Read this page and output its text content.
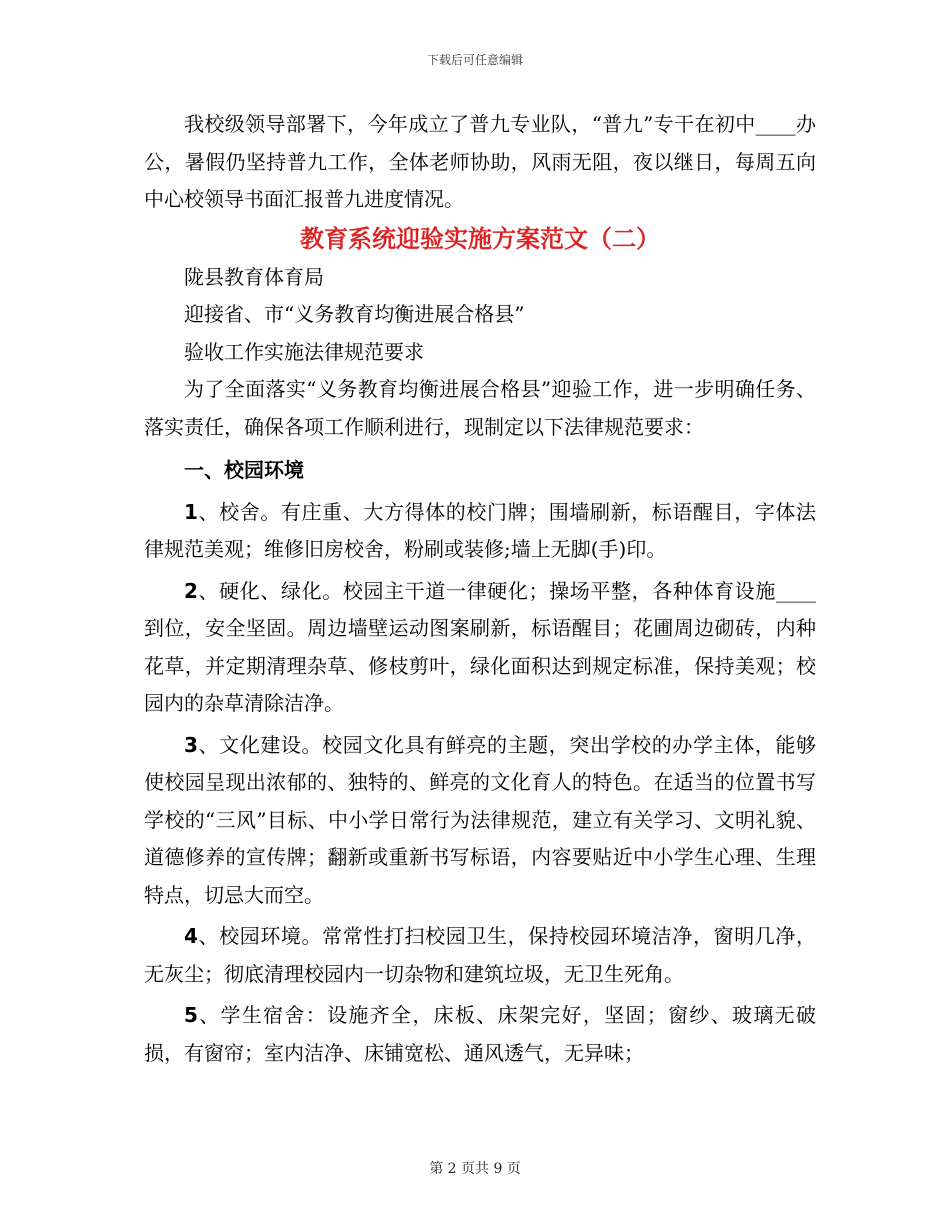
下载后可任意编辑

我校级领导部署下，今年成立了普九专业队，“普九”专干在初中____办公，暑假仍坚持普九工作，全体老师协助，风雨无阻，夜以继日，每周五向中心校领导书面汇报普九进度情况。

教育系统迎验实施方案范文（二）

陇县教育体育局

迎接省、市“义务教育均衡进展合格县”

验收工作实施法律规范要求

为了全面落实“义务教育均衡进展合格县”迎验工作，进一步明确任务、落实责任，确保各项工作顺利进行，现制定以下法律规范要求：

一、校园环境

1、校舍。有庄重、大方得体的校门牌；围墙刷新，标语醒目，字体法律规范美观；维修旧房校舍，粉刷或装修;墙上无脚(手)印。

2、硬化、绿化。校园主干道一律硬化；操场平整，各种体育设施____到位，安全坚固。周边墙壁运动图案刷新，标语醒目；花圃周边砌砖，内种花草，并定期清理杂草、修枝剪叶，绿化面积达到规定标准，保持美观；校园内的杂草清除洁净。

3、文化建设。校园文化具有鲜亮的主题，突出学校的办学主体，能够使校园呈现出浓郁的、独特的、鲜亮的文化育人的特色。在适当的位置书写学校的“三风”目标、中小学日常行为法律规范，建立有关学习、文明礼貌、道德修养的宣传牌；翻新或重新书写标语，内容要贴近中小学生心理、生理特点，切忌大而空。

4、校园环境。常常性打扫校园卫生，保持校园环境洁净，窗明几净，无灰尘；彻底清理校园内一切杂物和建筑垃圾，无卫生死角。

5、学生宿舍：设施齐全，床板、床架完好，坚固；窗纱、玻璃无破损，有窗帘；室内洁净、床铺宽松、通风透气，无异味；

第 2 页共 9 页
